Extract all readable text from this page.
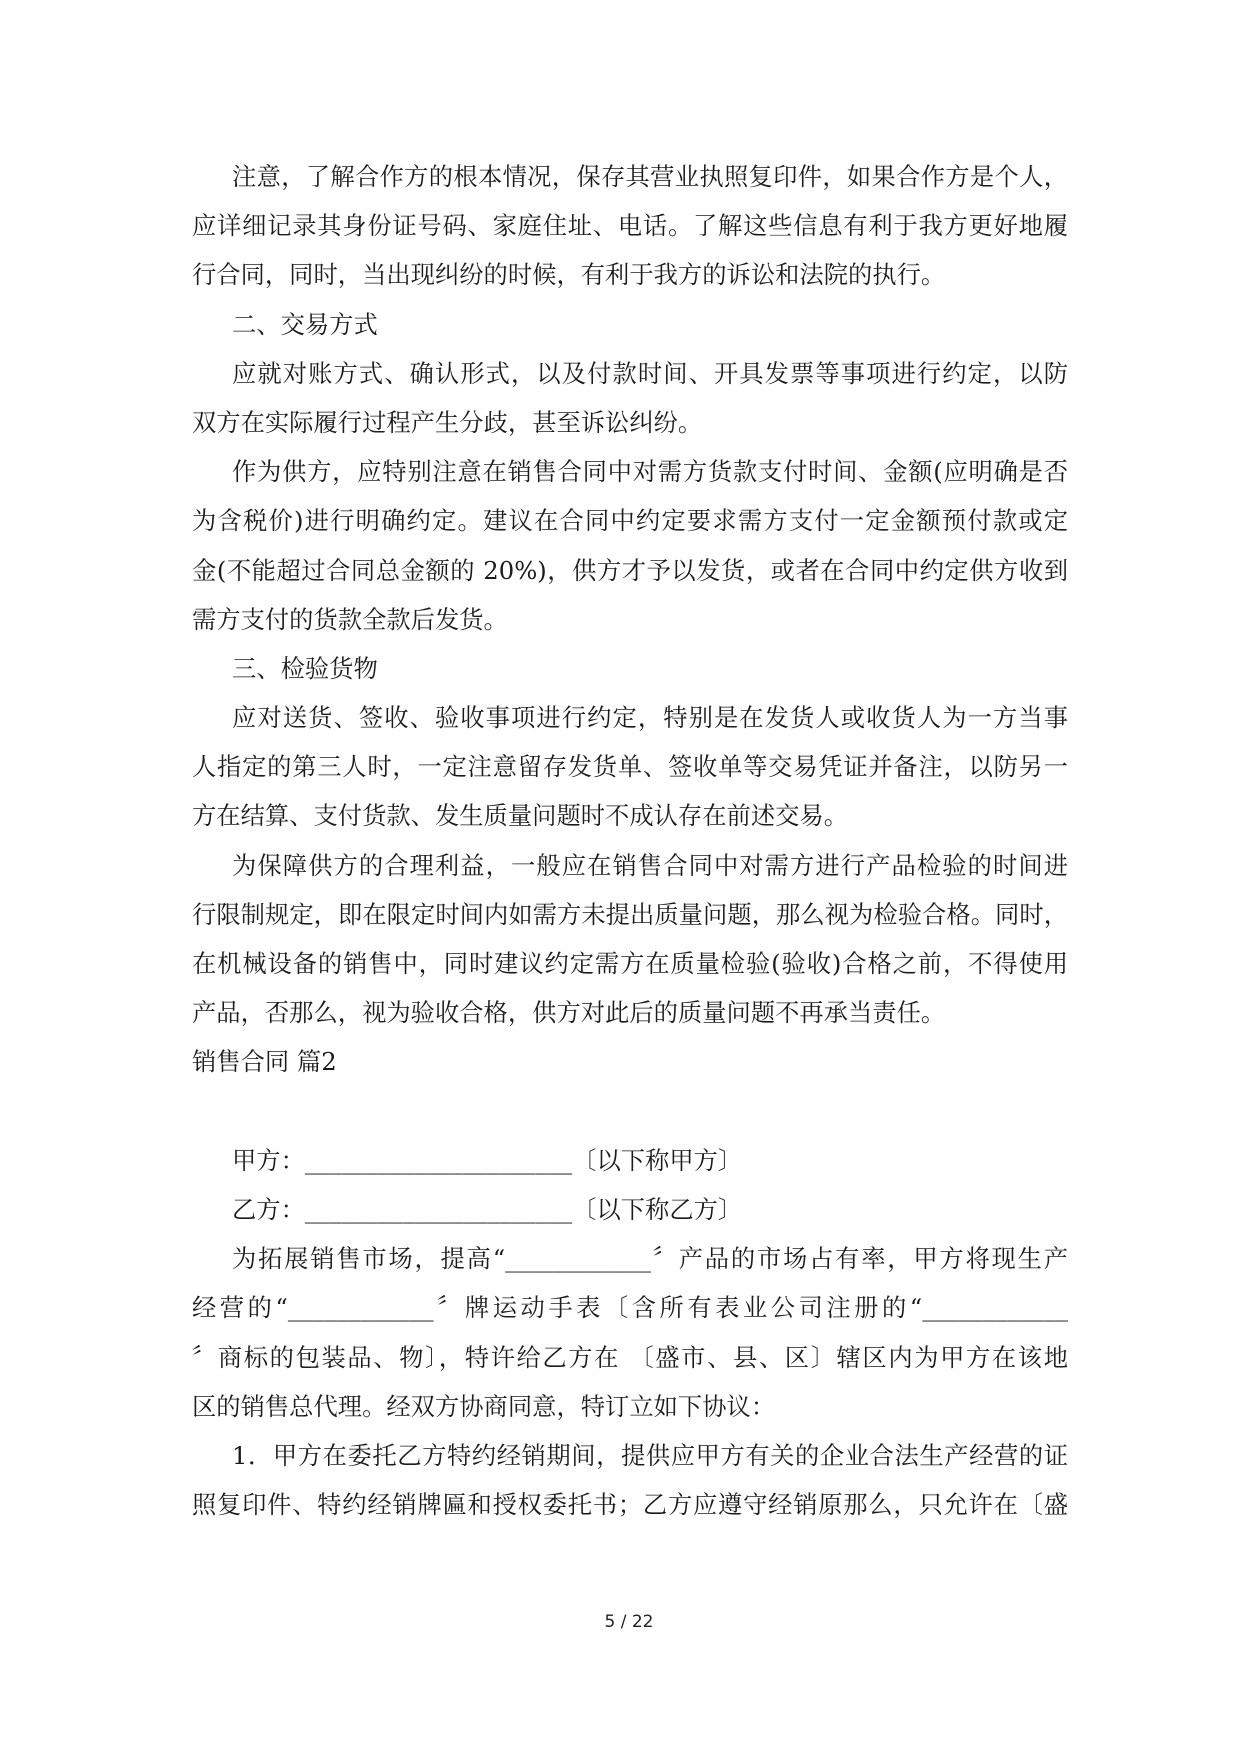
注意，了解合作方的根本情况，保存其营业执照复印件，如果合作方是个人，
应详细记录其身份证号码、家庭住址、电话。了解这些信息有利于我方更好地履
行合同，同时，当出现纠纷的时候，有利于我方的诉讼和法院的执行。
二、交易方式
应就对账方式、确认形式，以及付款时间、开具发票等事项进行约定，以防
双方在实际履行过程产生分歧，甚至诉讼纠纷。
作为供方，应特别注意在销售合同中对需方货款支付时间、金额(应明确是否
为含税价)进行明确约定。建议在合同中约定要求需方支付一定金额预付款或定
金(不能超过合同总金额的 20%)，供方才予以发货，或者在合同中约定供方收到
需方支付的货款全款后发货。
三、检验货物
应对送货、签收、验收事项进行约定，特别是在发货人或收货人为一方当事
人指定的第三人时，一定注意留存发货单、签收单等交易凭证并备注，以防另一
方在结算、支付货款、发生质量问题时不成认存在前述交易。
为保障供方的合理利益，一般应在销售合同中对需方进行产品检验的时间进
行限制规定，即在限定时间内如需方未提出质量问题，那么视为检验合格。同时，
在机械设备的销售中，同时建议约定需方在质量检验(验收)合格之前，不得使用
产品，否那么，视为验收合格，供方对此后的质量问题不再承当责任。
销售合同 篇2
甲方：______________________〔以下称甲方〕
乙方：______________________〔以下称乙方〕
为拓展销售市场，提高“____________〞产品的市场占有率，甲方将现生产
经营的“____________〞牌运动手表〔含所有表业公司注册的“____________
〞商标的包装品、物〕，特许给乙方在 〔盛市、县、区〕辖区内为甲方在该地
区的销售总代理。经双方协商同意，特订立如下协议：
1．甲方在委托乙方特约经销期间，提供应甲方有关的企业合法生产经营的证
照复印件、特约经销牌匾和授权委托书；乙方应遵守经销原那么，只允许在〔盛
5 / 22
